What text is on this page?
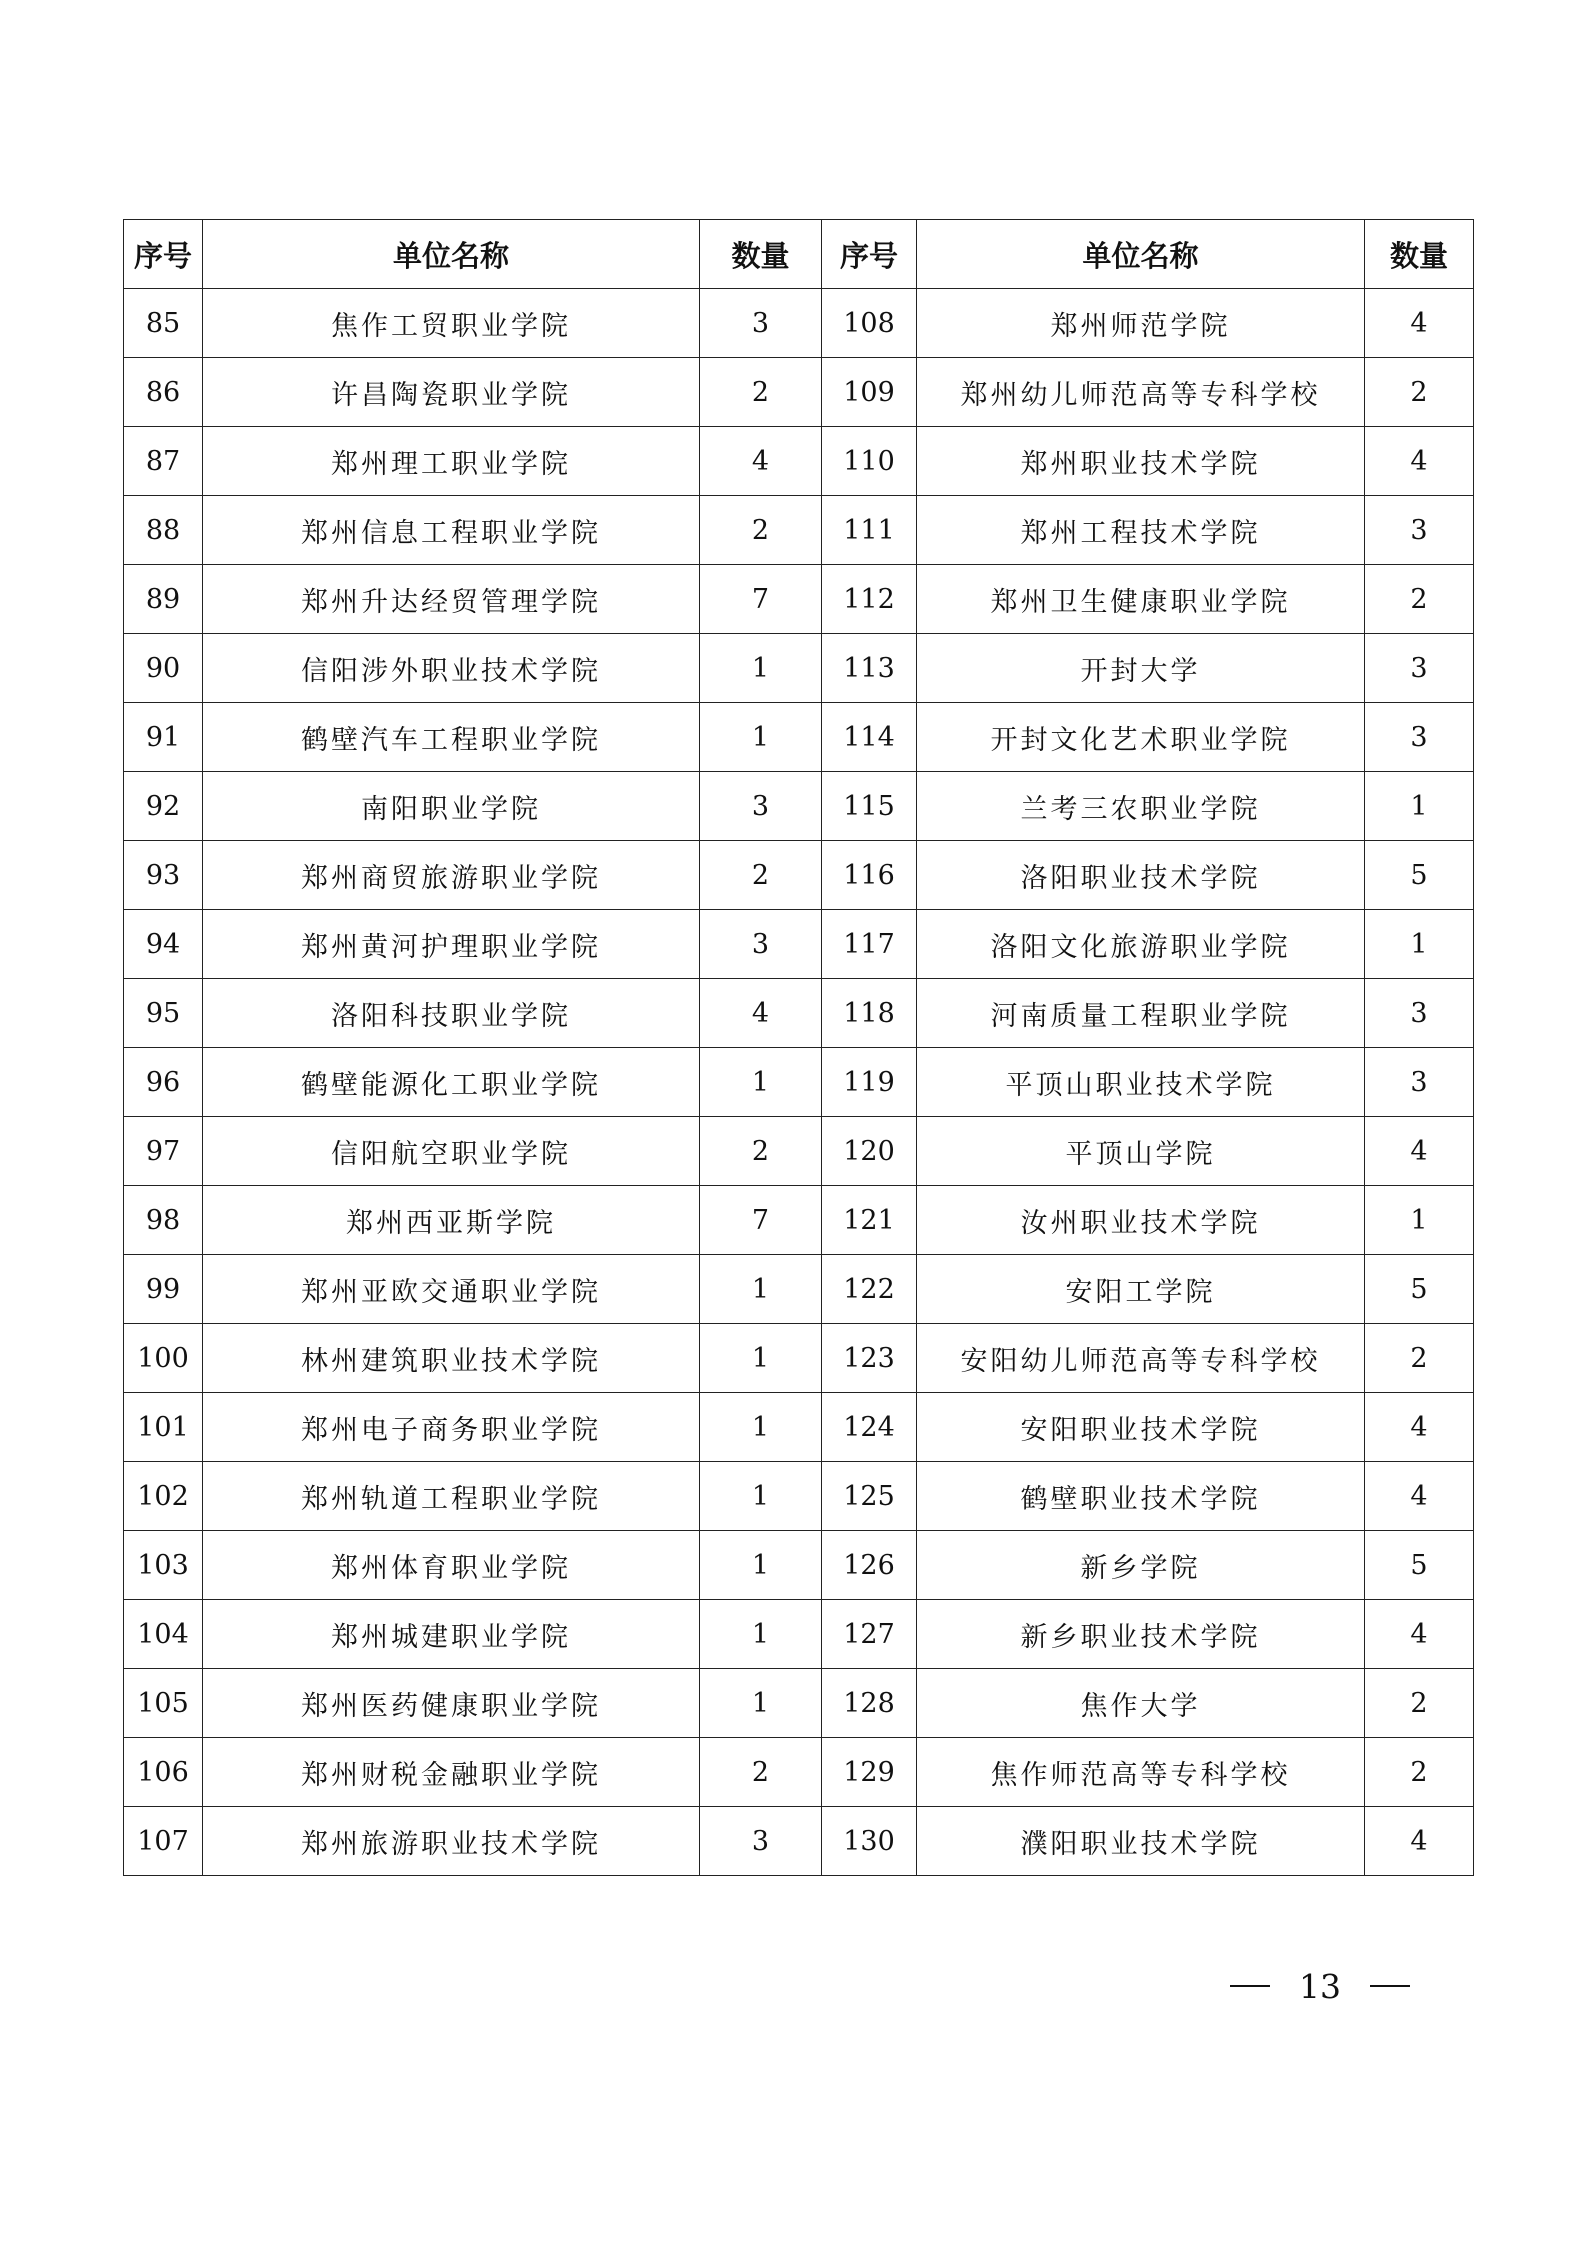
序号	单位名称	数量	序号	单位名称	数量
85	焦作工贸职业学院	3	108	郑州师范学院	4
86	许昌陶瓷职业学院	2	109	郑州幼儿师范高等专科学校	2
87	郑州理工职业学院	4	110	郑州职业技术学院	4
88	郑州信息工程职业学院	2	111	郑州工程技术学院	3
89	郑州升达经贸管理学院	7	112	郑州卫生健康职业学院	2
90	信阳涉外职业技术学院	1	113	开封大学	3
91	鹤壁汽车工程职业学院	1	114	开封文化艺术职业学院	3
92	南阳职业学院	3	115	兰考三农职业学院	1
93	郑州商贸旅游职业学院	2	116	洛阳职业技术学院	5
94	郑州黄河护理职业学院	3	117	洛阳文化旅游职业学院	1
95	洛阳科技职业学院	4	118	河南质量工程职业学院	3
96	鹤壁能源化工职业学院	1	119	平顶山职业技术学院	3
97	信阳航空职业学院	2	120	平顶山学院	4
98	郑州西亚斯学院	7	121	汝州职业技术学院	1
99	郑州亚欧交通职业学院	1	122	安阳工学院	5
100	林州建筑职业技术学院	1	123	安阳幼儿师范高等专科学校	2
101	郑州电子商务职业学院	1	124	安阳职业技术学院	4
102	郑州轨道工程职业学院	1	125	鹤壁职业技术学院	4
103	郑州体育职业学院	1	126	新乡学院	5
104	郑州城建职业学院	1	127	新乡职业技术学院	4
105	郑州医药健康职业学院	1	128	焦作大学	2
106	郑州财税金融职业学院	2	129	焦作师范高等专科学校	2
107	郑州旅游职业技术学院	3	130	濮阳职业技术学院	4
13
